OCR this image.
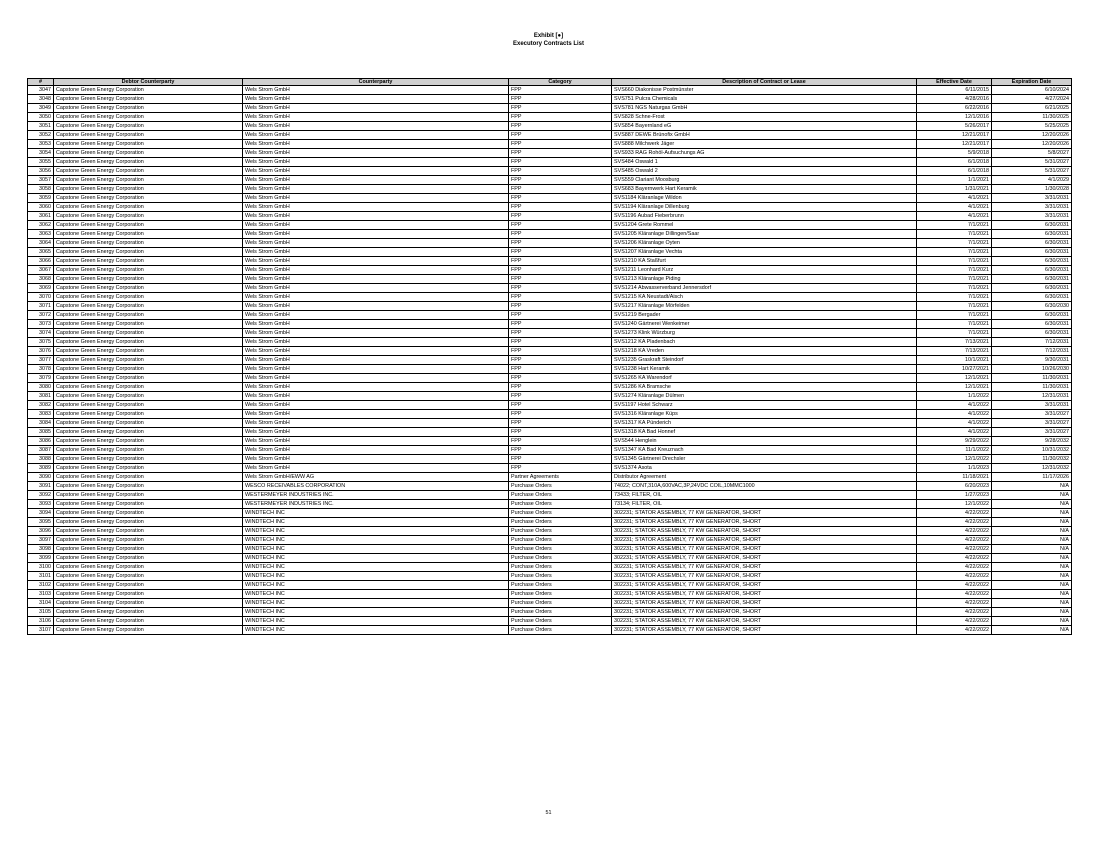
Exhibit [●]
Executory Contracts List
#	Debtor Counterparty	Counterparty	Category	Description of Contract or Lease	Effective Date	Expiration Date
3047	Capstone Green Energy Corporation	Wels Strom GmbH	FPP	SVS660 Diakonisse Postmünster	6/11/2015	6/10/2024
3048	Capstone Green Energy Corporation	Wels Strom GmbH	FPP	SVS751 Pulcra Chemicals	4/28/2016	4/27/2024
3049	Capstone Green Energy Corporation	Wels Strom GmbH	FPP	SVS781 NGS Naturgas GmbH	6/22/2016	6/21/2025
3050	Capstone Green Energy Corporation	Wels Strom GmbH	FPP	SVS828 Schne-Frost	12/1/2016	11/30/2025
3051	Capstone Green Energy Corporation	Wels Strom GmbH	FPP	SVS854 Bayernland eG	5/26/2017	5/25/2025
3052	Capstone Green Energy Corporation	Wels Strom GmbH	FPP	SVS887 DEWE Brünofix GmbH	12/21/2017	12/20/2026
3053	Capstone Green Energy Corporation	Wels Strom GmbH	FPP	SVS888 Milchwerk Jäger	12/21/2017	12/20/2026
3054	Capstone Green Energy Corporation	Wels Strom GmbH	FPP	SVS933 RAG Rohöl-Aufsuchungs AG	5/9/2018	5/8/2027
3055	Capstone Green Energy Corporation	Wels Strom GmbH	FPP	SVS484 Oswald 1	6/1/2018	5/31/2027
3056	Capstone Green Energy Corporation	Wels Strom GmbH	FPP	SVS485 Oswald 2	6/1/2018	5/31/2027
3057	Capstone Green Energy Corporation	Wels Strom GmbH	FPP	SVS559 Clariant Moosburg	1/1/2021	4/1/2029
3058	Capstone Green Energy Corporation	Wels Strom GmbH	FPP	SVS683 Bayernwerk Hart Keramik	1/31/2021	1/30/2028
3059	Capstone Green Energy Corporation	Wels Strom GmbH	FPP	SVS1184 Kläranlage Wildon	4/1/2021	3/31/2031
3060	Capstone Green Energy Corporation	Wels Strom GmbH	FPP	SVS1194 Kläranlage Dillenburg	4/1/2021	3/31/2031
3061	Capstone Green Energy Corporation	Wels Strom GmbH	FPP	SVS1196 Aubad Fieberbrunn	4/1/2021	3/31/2031
3062	Capstone Green Energy Corporation	Wels Strom GmbH	FPP	SVS1204 Grete Rommel	7/1/2021	6/30/2031
3063	Capstone Green Energy Corporation	Wels Strom GmbH	FPP	SVS1205 Kläranlage Dillingen/Saar	7/1/2021	6/30/2031
3064	Capstone Green Energy Corporation	Wels Strom GmbH	FPP	SVS1206 Kläranlage Oyten	7/1/2021	6/30/2031
3065	Capstone Green Energy Corporation	Wels Strom GmbH	FPP	SVS1207 Kläranlage Vechta	7/1/2021	6/30/2031
3066	Capstone Green Energy Corporation	Wels Strom GmbH	FPP	SVS1210 KA Staßfurt	7/1/2021	6/30/2031
3067	Capstone Green Energy Corporation	Wels Strom GmbH	FPP	SVS1211 Leonhard Kurz	7/1/2021	6/30/2031
3068	Capstone Green Energy Corporation	Wels Strom GmbH	FPP	SVS1213 Kläranlage Piding	7/1/2021	6/30/2031
3069	Capstone Green Energy Corporation	Wels Strom GmbH	FPP	SVS1214 Abwasserverband Jennersdorf	7/1/2021	6/30/2031
3070	Capstone Green Energy Corporation	Wels Strom GmbH	FPP	SVS1215 KA Neustadt/Aisch	7/1/2021	6/30/2031
3071	Capstone Green Energy Corporation	Wels Strom GmbH	FPP	SVS1217 Kläranlage Mörfelden	7/1/2021	6/30/2030
3072	Capstone Green Energy Corporation	Wels Strom GmbH	FPP	SVS1219 Bergader	7/1/2021	6/30/2031
3073	Capstone Green Energy Corporation	Wels Strom GmbH	FPP	SVS1240 Gärtnerei Wenkeimer	7/1/2021	6/30/2031
3074	Capstone Green Energy Corporation	Wels Strom GmbH	FPP	SVS1273 Klink Würzburg	7/1/2021	6/30/2031
3075	Capstone Green Energy Corporation	Wels Strom GmbH	FPP	SVS1212 KA Pladenbach	7/13/2021	7/12/2031
3076	Capstone Green Energy Corporation	Wels Strom GmbH	FPP	SVS1218 KA Vreden	7/13/2021	7/12/2031
3077	Capstone Green Energy Corporation	Wels Strom GmbH	FPP	SVS1235 Graskraft Steindorf	10/1/2021	9/30/2031
3078	Capstone Green Energy Corporation	Wels Strom GmbH	FPP	SVS1238 Hart Keramik	10/27/2021	10/26/2030
3079	Capstone Green Energy Corporation	Wels Strom GmbH	FPP	SVS1265 KA Warendorf	12/1/2021	11/30/2031
3080	Capstone Green Energy Corporation	Wels Strom GmbH	FPP	SVS1286 KA Bramsche	12/1/2021	11/30/2031
3081	Capstone Green Energy Corporation	Wels Strom GmbH	FPP	SVS1274 Kläranlage Dülmen	1/1/2022	12/31/2031
3082	Capstone Green Energy Corporation	Wels Strom GmbH	FPP	SVS1197 Hotel Schwarz	4/1/2022	3/31/2031
3083	Capstone Green Energy Corporation	Wels Strom GmbH	FPP	SVS1316 Kläranlage Küps	4/1/2022	3/31/2027
3084	Capstone Green Energy Corporation	Wels Strom GmbH	FPP	SVS1317 KA Pünderich	4/1/2022	3/31/2027
3085	Capstone Green Energy Corporation	Wels Strom GmbH	FPP	SVS1318 KA Bad Honnef	4/1/2022	3/31/2027
3086	Capstone Green Energy Corporation	Wels Strom GmbH	FPP	SVS544 Henglein	9/29/2022	9/28/2032
3087	Capstone Green Energy Corporation	Wels Strom GmbH	FPP	SVS1347 KA Bad Kreuznach	11/1/2022	10/31/2032
3088	Capstone Green Energy Corporation	Wels Strom GmbH	FPP	SVS1345 Gärtnerei Drechsler	12/1/2022	11/30/2032
3089	Capstone Green Energy Corporation	Wels Strom GmbH	FPP	SVS1374 Asota	1/1/2023	12/31/2032
3090	Capstone Green Energy Corporation	Wels Strom GmbH/EWW AG	Partner Agreements	Distributor Agreement	11/18/2021	11/17/2026
3091	Capstone Green Energy Corporation	WESCO RECEIVABLES CORPORATION	Purchase Orders	74022; CONT,310A,600VAC,3P,24VDC COIL,10MMC1000	6/20/2023	N/A
3092	Capstone Green Energy Corporation	WESTERMEYER INDUSTRIES INC.	Purchase Orders	73433; FILTER, OIL	1/27/2023	N/A
3093	Capstone Green Energy Corporation	WESTERMEYER INDUSTRIES INC.	Purchase Orders	73134; FILTER, OIL	12/1/2022	N/A
3094	Capstone Green Energy Corporation	WINDTECH INC	Purchase Orders	302231; STATOR ASSEMBLY, 77 KW GENERATOR, SHORT	4/22/2022	N/A
3095	Capstone Green Energy Corporation	WINDTECH INC	Purchase Orders	302231; STATOR ASSEMBLY, 77 KW GENERATOR, SHORT	4/22/2022	N/A
3096	Capstone Green Energy Corporation	WINDTECH INC	Purchase Orders	302231; STATOR ASSEMBLY, 77 KW GENERATOR, SHORT	4/22/2022	N/A
3097	Capstone Green Energy Corporation	WINDTECH INC	Purchase Orders	302231; STATOR ASSEMBLY, 77 KW GENERATOR, SHORT	4/22/2022	N/A
3098	Capstone Green Energy Corporation	WINDTECH INC	Purchase Orders	302231; STATOR ASSEMBLY, 77 KW GENERATOR, SHORT	4/22/2022	N/A
3099	Capstone Green Energy Corporation	WINDTECH INC	Purchase Orders	302231; STATOR ASSEMBLY, 77 KW GENERATOR, SHORT	4/22/2022	N/A
3100	Capstone Green Energy Corporation	WINDTECH INC	Purchase Orders	302231; STATOR ASSEMBLY, 77 KW GENERATOR, SHORT	4/22/2022	N/A
3101	Capstone Green Energy Corporation	WINDTECH INC	Purchase Orders	302231; STATOR ASSEMBLY, 77 KW GENERATOR, SHORT	4/22/2022	N/A
3102	Capstone Green Energy Corporation	WINDTECH INC	Purchase Orders	302231; STATOR ASSEMBLY, 77 KW GENERATOR, SHORT	4/22/2022	N/A
3103	Capstone Green Energy Corporation	WINDTECH INC	Purchase Orders	302231; STATOR ASSEMBLY, 77 KW GENERATOR, SHORT	4/22/2022	N/A
3104	Capstone Green Energy Corporation	WINDTECH INC	Purchase Orders	302231; STATOR ASSEMBLY, 77 KW GENERATOR, SHORT	4/22/2022	N/A
3105	Capstone Green Energy Corporation	WINDTECH INC	Purchase Orders	302231; STATOR ASSEMBLY, 77 KW GENERATOR, SHORT	4/22/2022	N/A
3106	Capstone Green Energy Corporation	WINDTECH INC	Purchase Orders	302231; STATOR ASSEMBLY, 77 KW GENERATOR, SHORT	4/22/2022	N/A
3107	Capstone Green Energy Corporation	WINDTECH INC	Purchase Orders	302231; STATOR ASSEMBLY, 77 KW GENERATOR, SHORT	4/22/2022	N/A
51
